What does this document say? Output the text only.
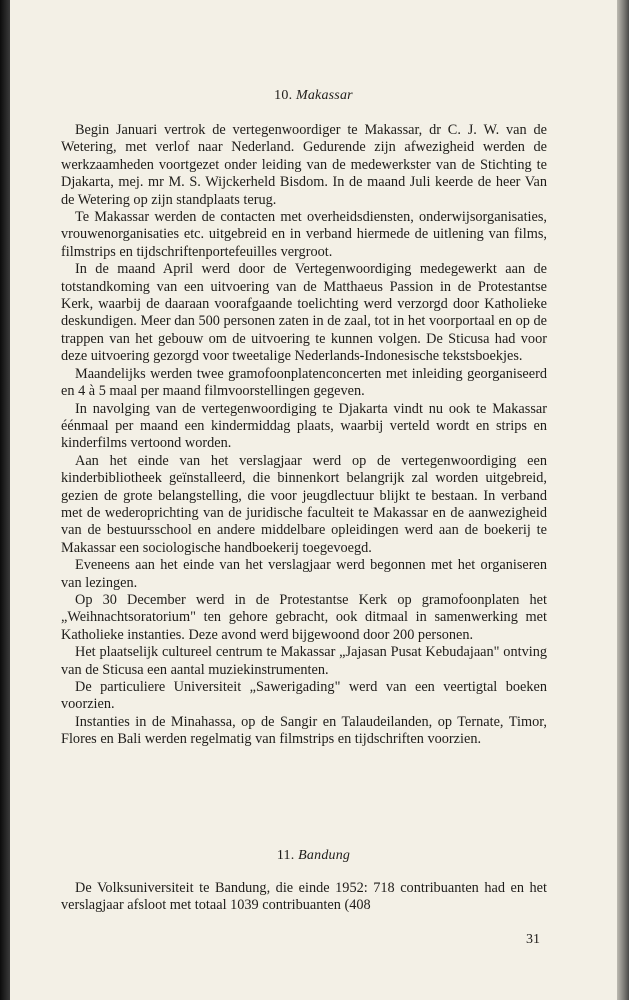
10. Makassar

Begin Januari vertrok de vertegenwoordiger te Makassar, dr C. J. W. van de Wetering, met verlof naar Nederland. Gedurende zijn afwezigheid werden de werkzaamheden voortgezet onder leiding van de medewerkster van de Stichting te Djakarta, mej. mr M. S. Wijckerheld Bisdom. In de maand Juli keerde de heer Van de Wetering op zijn standplaats terug.

Te Makassar werden de contacten met overheidsdiensten, onderwijsorganisaties, vrouwenorganisaties etc. uitgebreid en in verband hiermede de uitlening van films, filmstrips en tijdschriftenportefeuilles vergroot.

In de maand April werd door de Vertegenwoordiging medegewerkt aan de totstandkoming van een uitvoering van de Matthaeus Passion in de Protestantse Kerk, waarbij de daaraan voorafgaande toelichting werd verzorgd door Katholieke deskundigen. Meer dan 500 personen zaten in de zaal, tot in het voorportaal en op de trappen van het gebouw om de uitvoering te kunnen volgen. De Sticusa had voor deze uitvoering gezorgd voor tweetalige Nederlands-Indonesische tekstsboekjes.

Maandelijks werden twee gramofoonplatenconcerten met inleiding georganiseerd en 4 à 5 maal per maand filmvoorstellingen gegeven.

In navolging van de vertegenwoordiging te Djakarta vindt nu ook te Makassar éénmaal per maand een kindermiddag plaats, waarbij verteld wordt en strips en kinderfilms vertoond worden.

Aan het einde van het verslagjaar werd op de vertegenwoordiging een kinderbibliotheek geïnstalleerd, die binnenkort belangrijk zal worden uitgebreid, gezien de grote belangstelling, die voor jeugdlectuur blijkt te bestaan. In verband met de wederoprichting van de juridische faculteit te Makassar en de aanwezigheid van de bestuursschool en andere middelbare opleidingen werd aan de boekerij te Makassar een sociologische handboekerij toegevoegd.

Eveneens aan het einde van het verslagjaar werd begonnen met het organiseren van lezingen.

Op 30 December werd in de Protestantse Kerk op gramofoonplaten het „Weihnachtsoratorium" ten gehore gebracht, ook ditmaal in samenwerking met Katholieke instanties. Deze avond werd bijgewoond door 200 personen.

Het plaatselijk cultureel centrum te Makassar „Jajasan Pusat Kebudajaan" ontving van de Sticusa een aantal muziekinstrumenten.

De particuliere Universiteit „Sawerigading" werd van een veertigtal boeken voorzien.

Instanties in de Minahassa, op de Sangir en Talaudeilanden, op Ternate, Timor, Flores en Bali werden regelmatig van filmstrips en tijdschriften voorzien.

11. Bandung

De Volksuniversiteit te Bandung, die einde 1952: 718 contribuanten had en het verslagjaar afsloot met totaal 1039 contribuanten (408

31
